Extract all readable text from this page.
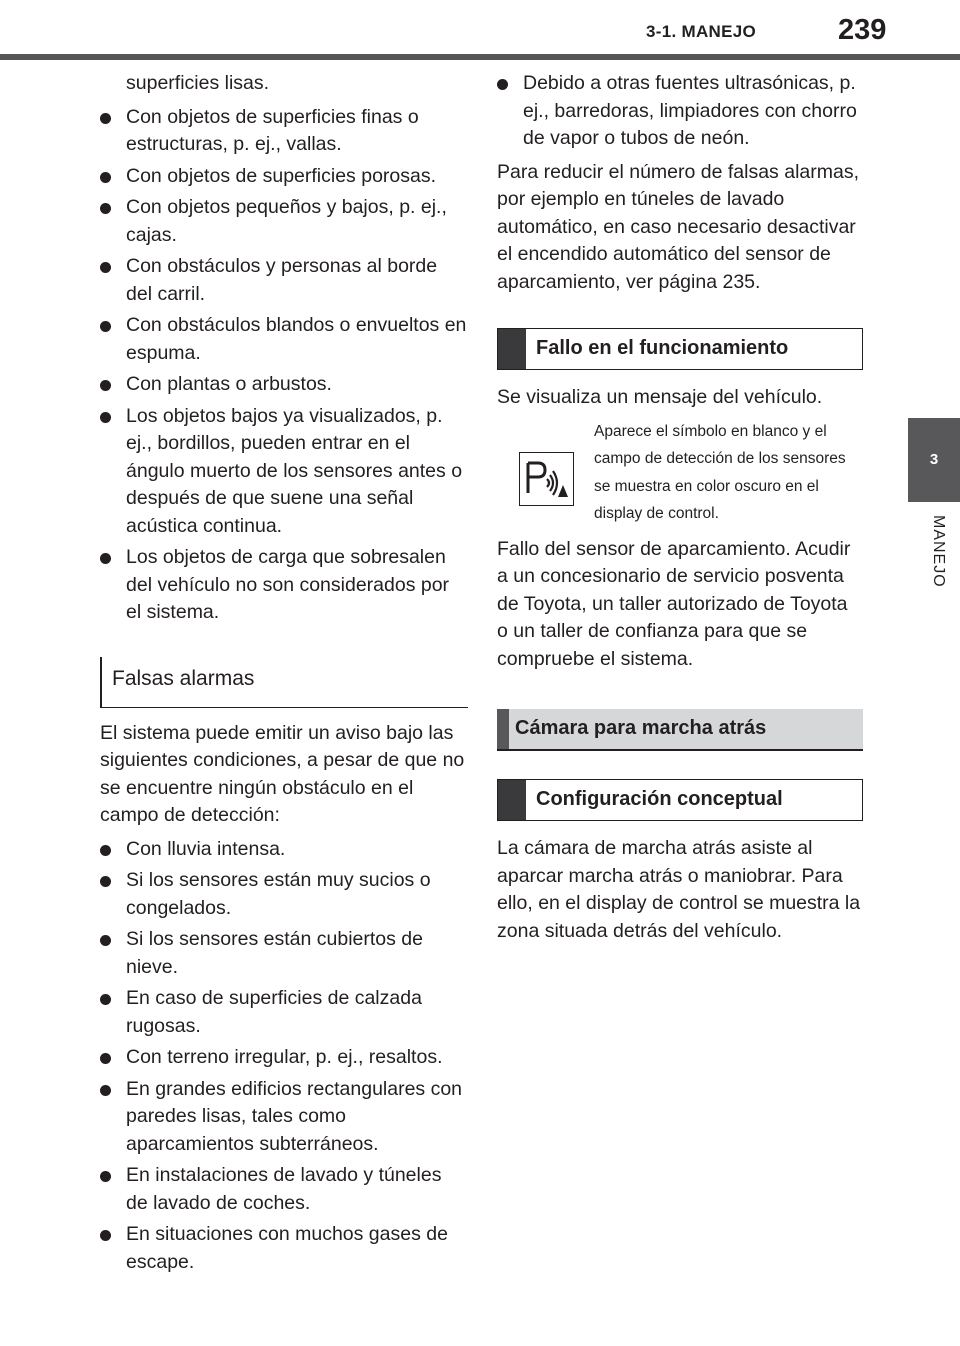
3-1. MANEJO	239
3
MANEJO

superficies lisas.

Con objetos de superficies finas o estructuras, p. ej., vallas.
Con objetos de superficies porosas.
Con objetos pequeños y bajos, p. ej., cajas.
Con obstáculos y personas al borde del carril.
Con obstáculos blandos o envueltos en espuma.
Con plantas o arbustos.
Los objetos bajos ya visualizados, p. ej., bordillos, pueden entrar en el ángulo muerto de los sensores antes o después de que suene una señal acústica continua.
Los objetos de carga que sobresalen del vehículo no son considerados por el sistema.
Falsas alarmas

El sistema puede emitir un aviso bajo las siguientes condiciones, a pesar de que no se encuentre ningún obstáculo en el campo de detección:

Con lluvia intensa.
Si los sensores están muy sucios o congelados.
Si los sensores están cubiertos de nieve.
En caso de superficies de calzada rugosas.
Con terreno irregular, p. ej., resaltos.
En grandes edificios rectangulares con paredes lisas, tales como aparcamientos subterráneos.
En instalaciones de lavado y túneles de lavado de coches.
En situaciones con muchos gases de escape.
Debido a otras fuentes ultrasónicas, p. ej., barredoras, limpiadores con chorro de vapor o tubos de neón.

Para reducir el número de falsas alarmas, por ejemplo en túneles de lavado automático, en caso necesario desactivar el encendido automático del sensor de aparcamiento, ver página 235.

Fallo en el funcionamiento

Se visualiza un mensaje del vehículo.

Aparece el símbolo en blanco y el campo de detección de los sensores se muestra en color oscuro en el display de control.

Fallo del sensor de aparcamiento. Acudir a un concesionario de servicio posventa de Toyota, un taller autorizado de Toyota o un taller de confianza para que se compruebe el sistema.

Cámara para marcha atrás
Configuración conceptual

La cámara de marcha atrás asiste al aparcar marcha atrás o maniobrar. Para ello, en el display de control se muestra la zona situada detrás del vehículo.
